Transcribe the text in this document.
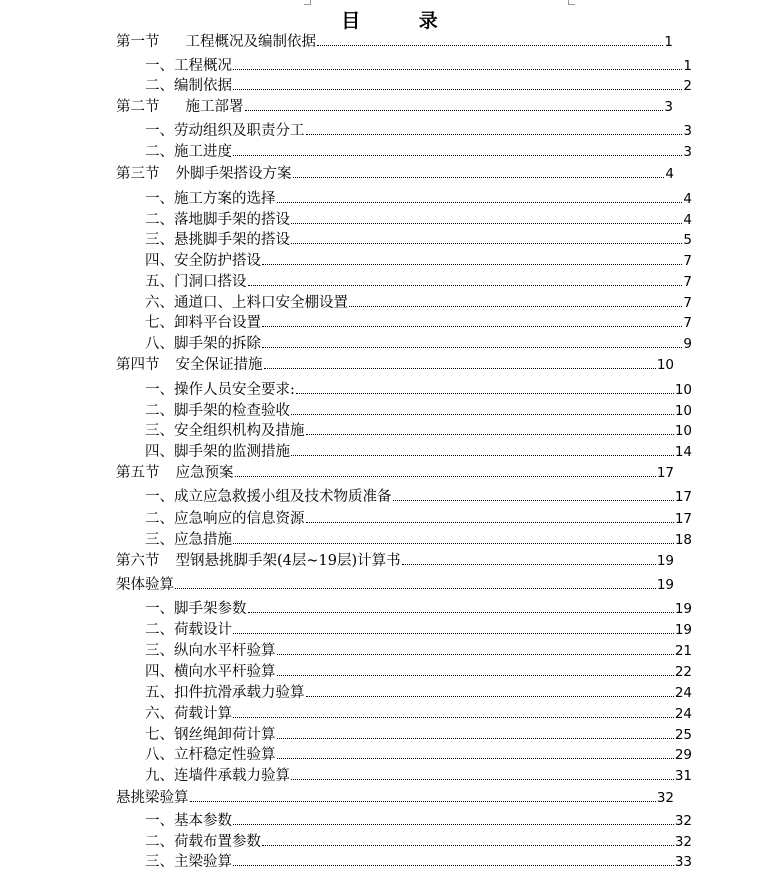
目 录
第一节 工程概况及编制依据	1
一、工程概况	1
二、编制依据	2
第二节 施工部署	3
一、劳动组织及职责分工	3
二、施工进度	3
第三节 外脚手架搭设方案	4
一、施工方案的选择	4
二、落地脚手架的搭设	4
三、悬挑脚手架的搭设	5
四、安全防护搭设	7
五、门洞口搭设	7
六、通道口、上料口安全棚设置	7
七、卸料平台设置	7
八、脚手架的拆除	9
第四节 安全保证措施	10
一、操作人员安全要求:	10
二、脚手架的检查验收	10
三、安全组织机构及措施	10
四、脚手架的监测措施	14
第五节 应急预案	17
一、成立应急救援小组及技术物质准备	17
二、应急响应的信息资源	17
三、应急措施	18
第六节 型钢悬挑脚手架(4层~19层)计算书	19
架体验算	19
一、脚手架参数	19
二、荷载设计	19
三、纵向水平杆验算	21
四、横向水平杆验算	22
五、扣件抗滑承载力验算	24
六、荷载计算	24
七、钢丝绳卸荷计算	25
八、立杆稳定性验算	29
九、连墙件承载力验算	31
悬挑梁验算	32
一、基本参数	32
二、荷载布置参数	32
三、主梁验算	33
